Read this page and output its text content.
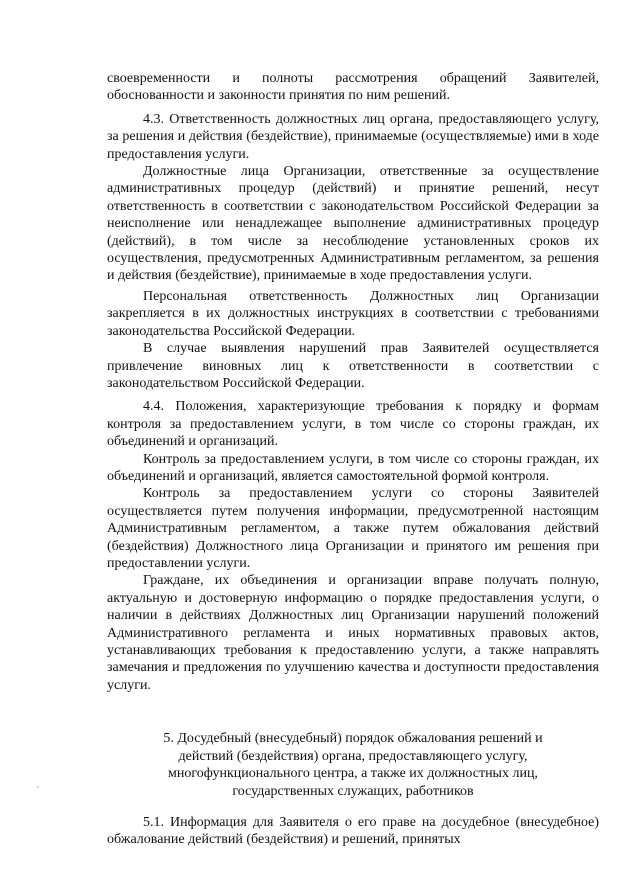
своевременности и полноты рассмотрения обращений Заявителей, обоснованности и законности принятия по ним решений.

4.3. Ответственность должностных лиц органа, предоставляющего услугу, за решения и действия (бездействие), принимаемые (осуществляемые) ими в ходе предоставления услуги.

Должностные лица Организации, ответственные за осуществление административных процедур (действий) и принятие решений, несут ответственность в соответствии с законодательством Российской Федерации за неисполнение или ненадлежащее выполнение административных процедур (действий), в том числе за несоблюдение установленных сроков их осуществления, предусмотренных Административным регламентом, за решения и действия (бездействие), принимаемые в ходе предоставления услуги.

Персональная ответственность Должностных лиц Организации закрепляется в их должностных инструкциях в соответствии с требованиями законодательства Российской Федерации.

В случае выявления нарушений прав Заявителей осуществляется привлечение виновных лиц к ответственности в соответствии с законодательством Российской Федерации.

4.4. Положения, характеризующие требования к порядку и формам контроля за предоставлением услуги, в том числе со стороны граждан, их объединений и организаций.

Контроль за предоставлением услуги, в том числе со стороны граждан, их объединений и организаций, является самостоятельной формой контроля.

Контроль за предоставлением услуги со стороны Заявителей осуществляется путем получения информации, предусмотренной настоящим Административным регламентом, а также путем обжалования действий (бездействия) Должностного лица Организации и принятого им решения при предоставлении услуги.

Граждане, их объединения и организации вправе получать полную, актуальную и достоверную информацию о порядке предоставления услуги, о наличии в действиях Должностных лиц Организации нарушений положений Административного регламента и иных нормативных правовых актов, устанавливающих требования к предоставлению услуги, а также направлять замечания и предложения по улучшению качества и доступности предоставления услуги.

5. Досудебный (внесудебный) порядок обжалования решений и
действий (бездействия) органа, предоставляющего услугу,
многофункционального центра, а также их должностных лиц,
государственных служащих, работников

5.1. Информация для Заявителя о его праве на досудебное (внесудебное) обжалование действий (бездействия) и решений, принятых
